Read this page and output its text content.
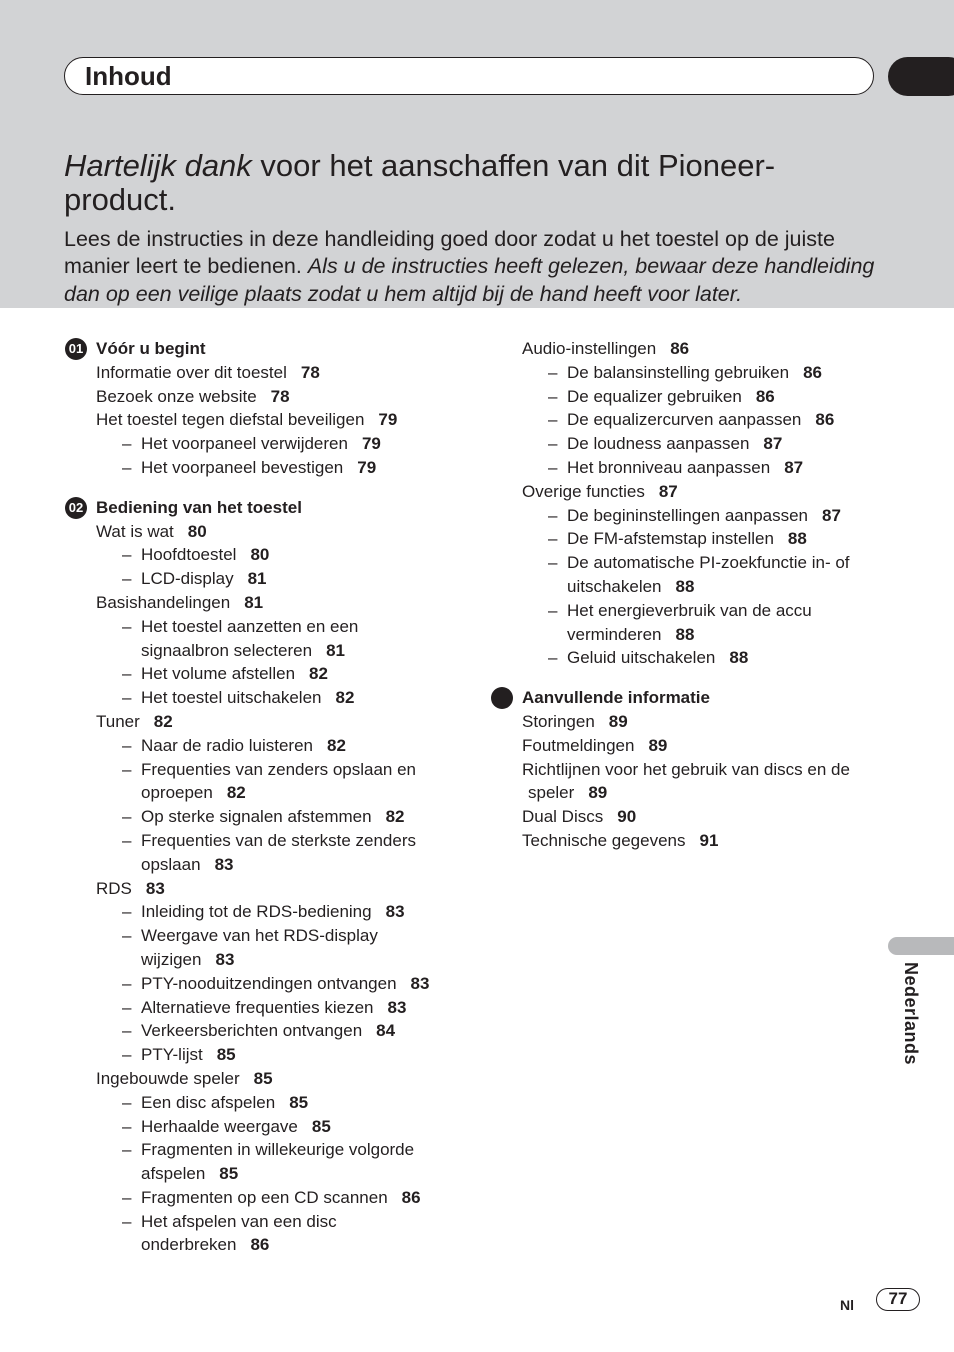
Inhoud
Hartelijk dank voor het aanschaffen van dit Pioneer-product.

Lees de instructies in deze handleiding goed door zodat u het toestel op de juiste manier leert te bedienen. Als u de instructies heeft gelezen, bewaar deze handleiding dan op een veilige plaats zodat u hem altijd bij de hand heeft voor later.

01 Vóór u begint
Informatie over dit toestel 78
Bezoek onze website 78
Het toestel tegen diefstal beveiligen 79
– Het voorpaneel verwijderen 79
– Het voorpaneel bevestigen 79
02 Bediening van het toestel
Wat is wat 80
– Hoofdtoestel 80
– LCD-display 81
Basishandelingen 81
– Het toestel aanzetten en een
signaalbron selecteren 81
– Het volume afstellen 82
– Het toestel uitschakelen 82
Tuner 82
– Naar de radio luisteren 82
– Frequenties van zenders opslaan en
oproepen 82
– Op sterke signalen afstemmen 82
– Frequenties van de sterkste zenders
opslaan 83
RDS 83
– Inleiding tot de RDS-bediening 83
– Weergave van het RDS-display
wijzigen 83
– PTY-nooduitzendingen ontvangen 83
– Alternatieve frequenties kiezen 83
– Verkeersberichten ontvangen 84
– PTY-lijst 85
Ingebouwde speler 85
– Een disc afspelen 85
– Herhaalde weergave 85
– Fragmenten in willekeurige volgorde
afspelen 85
– Fragmenten op een CD scannen 86
– Het afspelen van een disc
onderbreken 86
Audio-instellingen 86
– De balansinstelling gebruiken 86
– De equalizer gebruiken 86
– De equalizercurven aanpassen 86
– De loudness aanpassen 87
– Het bronniveau aanpassen 87
Overige functies 87
– De begininstellingen aanpassen 87
– De FM-afstemstap instellen 88
– De automatische PI-zoekfunctie in- of
uitschakelen 88
– Het energieverbruik van de accu
verminderen 88
– Geluid uitschakelen 88
Aanvullende informatie
Storingen 89
Foutmeldingen 89
Richtlijnen voor het gebruik van discs en de
speler 89
Dual Discs 90
Technische gegevens 91
Nederlands
Nl	77
